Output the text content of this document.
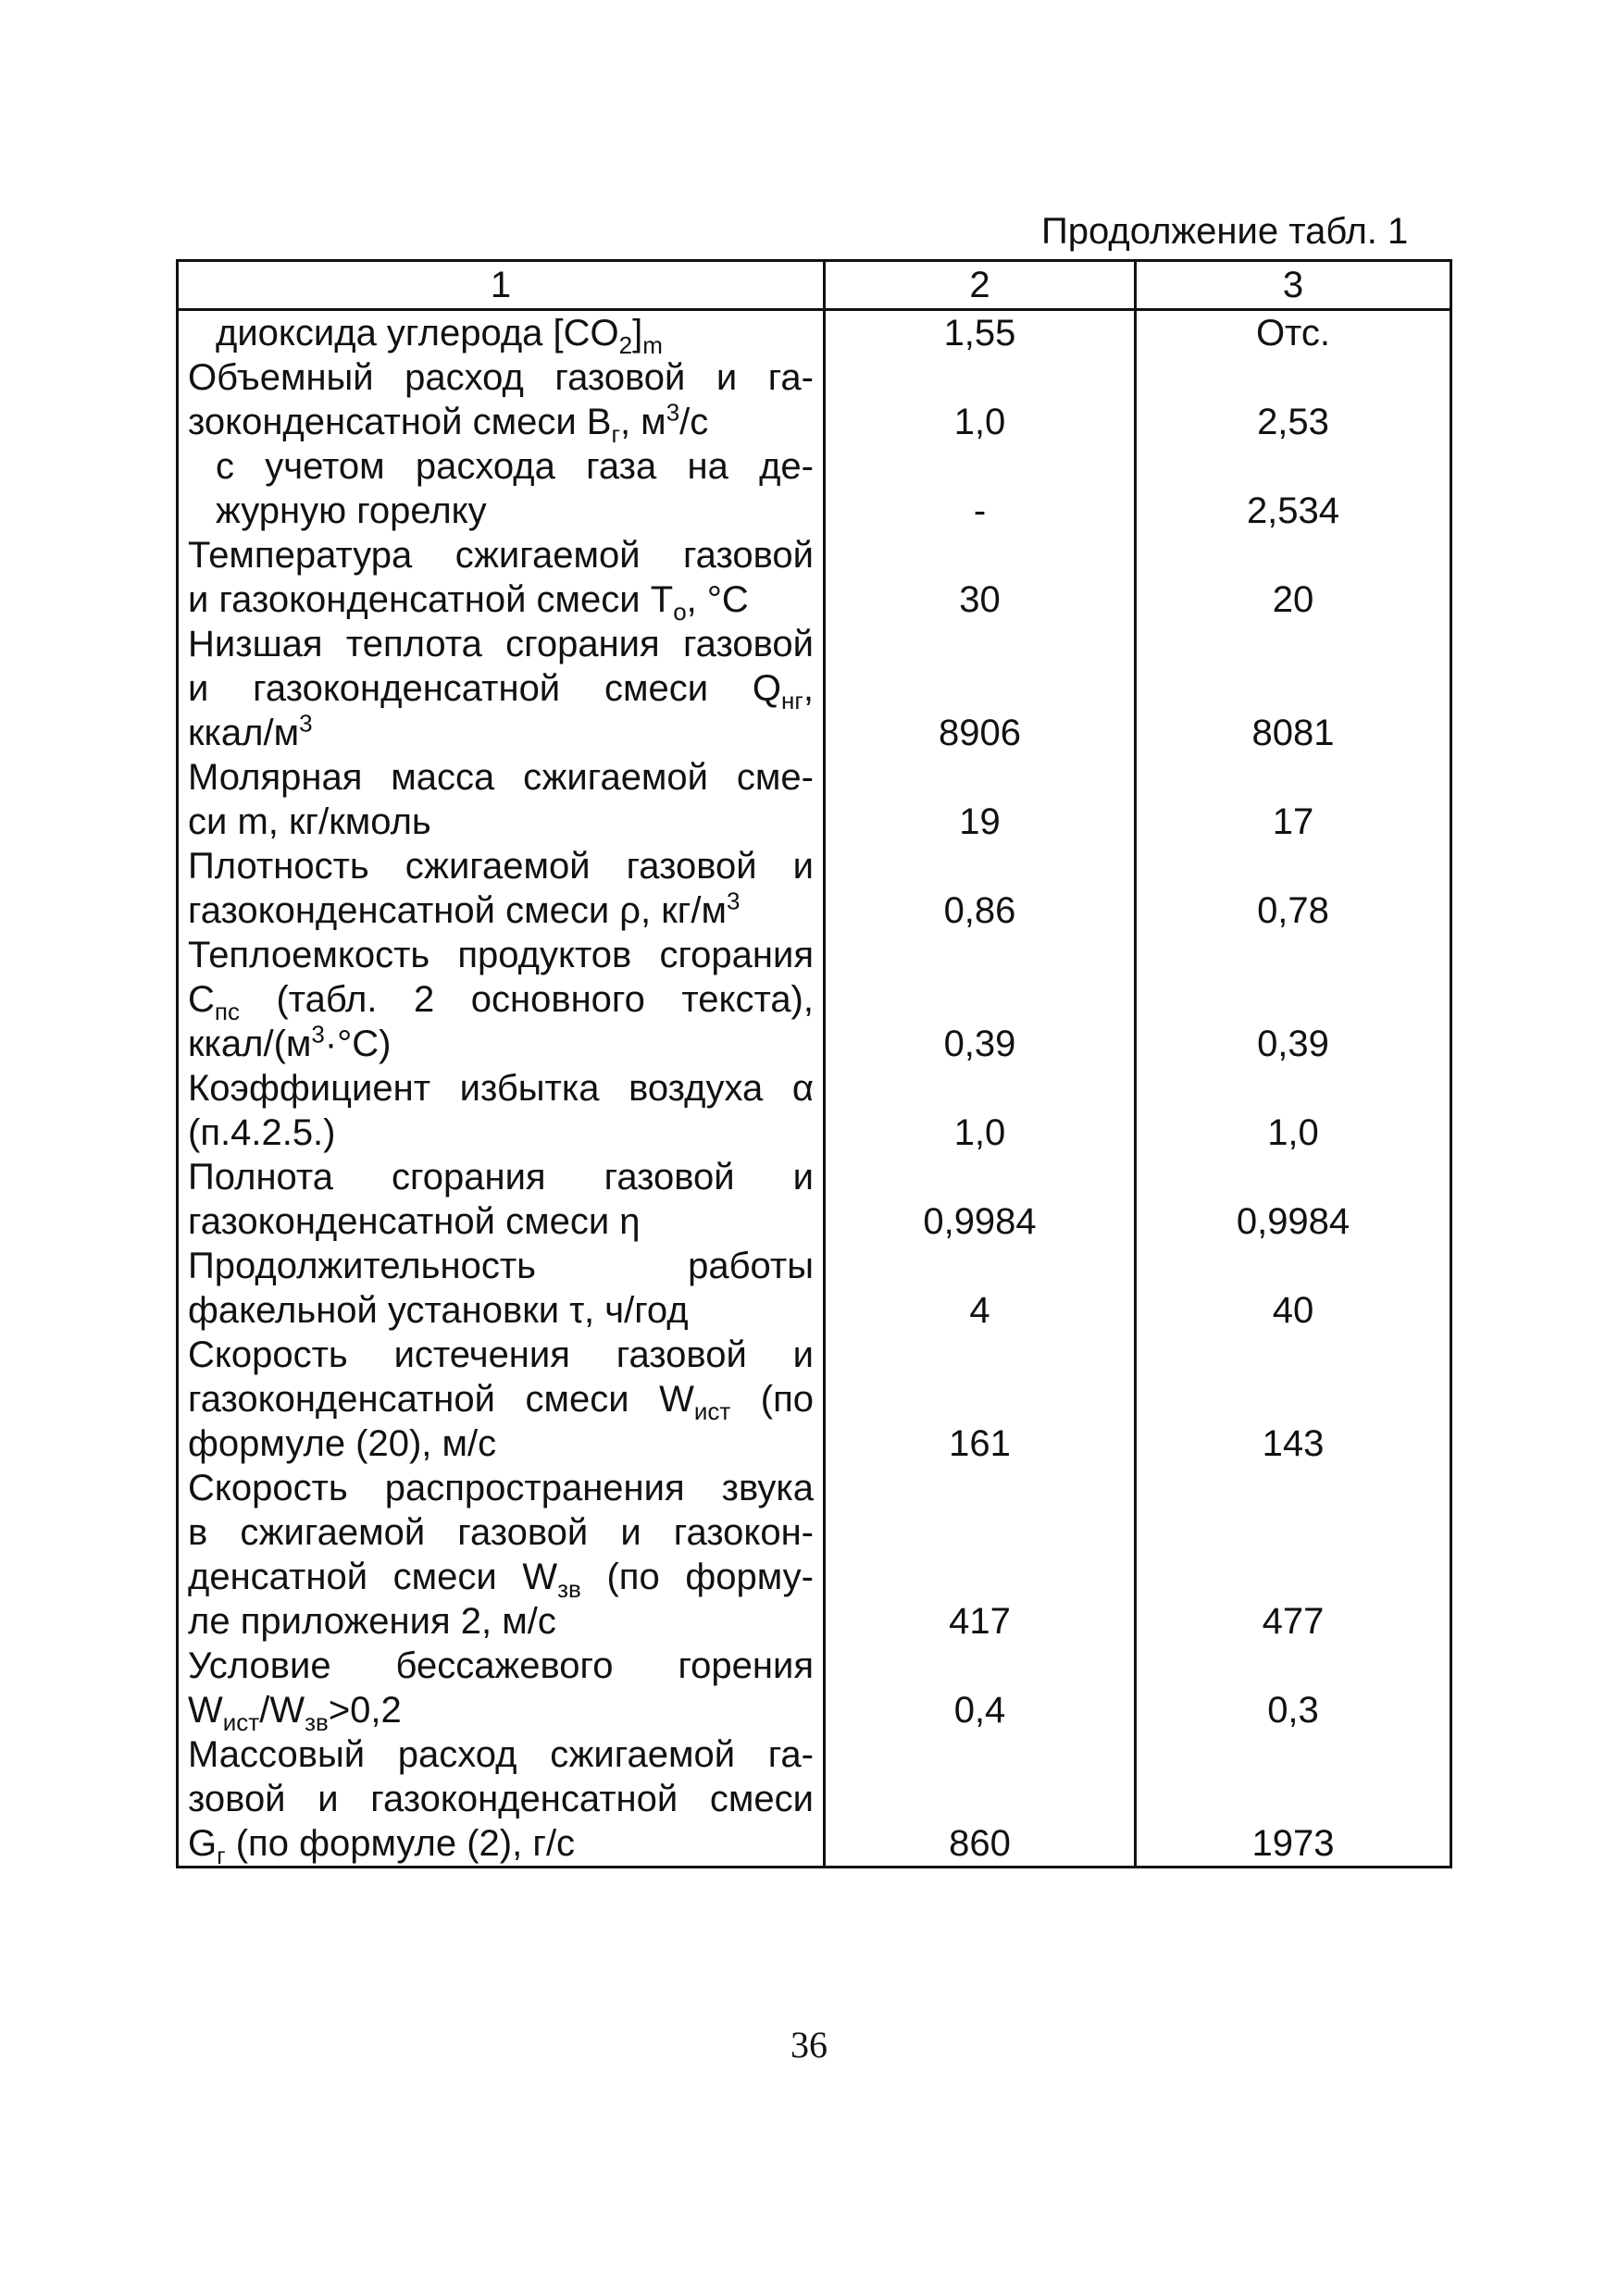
Продолжение табл. 1
1	2	3

диоксида углерода $[CO_2]_m$	1,55	Отс.

Объемный расход газовой и га-
зоконденсатной смеси $B_г$, $м^3/с$	1,0	2,53

с учетом расхода газа на де-
журную горелку	-	2,534

Температура сжигаемой газовой
и газоконденсатной смеси $T_o$, °C	30	20

Низшая теплота сгорания газовой
и газоконденсатной смеси $Q_{нг}$,
ккал/$м^3$	8906	8081

Молярная масса сжигаемой сме-
си m, кг/кмоль	19	17

Плотность сжигаемой газовой и
газоконденсатной смеси ρ, $кг/м^3$	0,86	0,78

Теплоемкость продуктов сгорания
$C_{пс}$ (табл. 2 основного текста),
ккал/$(м^3\cdot^\circ C)$	0,39	0,39

Коэффициент избытка воздуха α
(п.4.2.5.)	1,0	1,0

Полнота сгорания газовой и
газоконденсатной смеси η	0,9984	0,9984

Продолжительность работы
факельной установки τ, ч/год	4	40

Скорость истечения газовой и
газоконденсатной смеси $W_{ист}$ (по
формуле (20), м/с	161	143

Скорость распространения звука
в сжигаемой газовой и газокон-
денсатной смеси $W_{зв}$ (по форму-
ле приложения 2, м/с	417	477

Условие бессажевого горения
$W_{ист}/W_{зв}>0,2$	0,4	0,3

Массовый расход сжигаемой га-
зовой и газоконденсатной смеси
$G_г$ (по формуле (2), г/с	860	1973
36
